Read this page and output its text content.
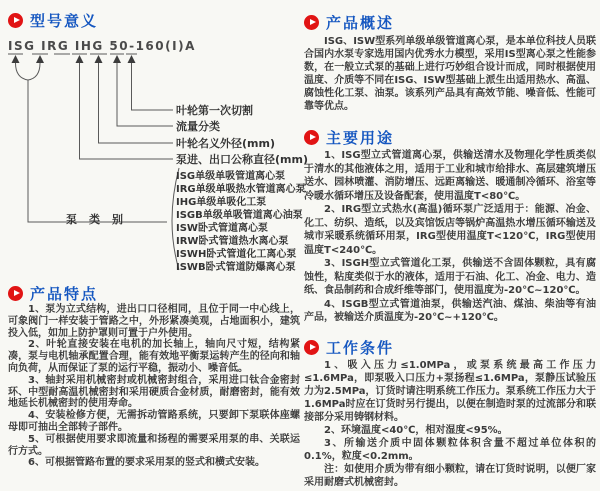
型号意义
ISG IRG IHG 50-160(Ⅰ)A
叶轮第一次切割
流量分类
叶轮名义外径(mm)
泵进、出口公称直径(mm)
泵类别
ISG单级单吸管道离心泵
IRG单级单吸热水管道离心泵
IHG单级单吸化工泵
ISGB单级单吸管道离心油泵
ISW卧式管道离心泵
IRW卧式管道热水离心泵
ISWH卧式管道化工离心泵
ISWB卧式管道防爆离心泵
产品特点

1、泵为立式结构，进出口口径相同，且位于同一中心线上，可象阀门一样安装于管路之中，外形紧凑美观，占地面积小，建筑投入低，如加上防护罩则可置于户外使用。

2、叶轮直接安装在电机的加长轴上，轴向尺寸短，结构紧凑，泵与电机轴承配置合理，能有效地平衡泵运转产生的径向和轴向负荷，从而保证了泵的运行平稳，振动小、噪音低。

3、轴封采用机械密封或机械密封组合，采用进口钛合金密封环、中型耐高温机械密封和采用硬质合金材质，耐磨密封，能有效地延长机械密封的使用寿命。

4、安装检修方便，无需拆动管路系统，只要卸下泵联体座螺母即可抽出全部转子部件。

5、可根据使用要求即流量和扬程的需要采用泵的串、关联运行方式。

6、可根据管路布置的要求采用泵的竖式和横式安装。

产品概述

ISG、ISW型系列单级单级管道离心泵，是本单位科技人员联合国内水泵专家选用国内优秀水力模型，采用IS型离心泵之性能参数，在一般立式泵的基础上进行巧妙组合设计而成，同时根据使用温度、介质等不同在ISG、ISW型基础上派生出适用热水、高温、腐蚀性化工泵、油泵。该系列产品具有高效节能、噪音低、性能可靠等优点。

主要用途

1、ISG型立式管道离心泵，供输送清水及物理化学性质类似于清水的其他液体之用，适用于工业和城市给排水、高层建筑增压送水、园林喷灌、消防增压、远距离输送、暖通制冷循环、浴室等冷暖水循环增压及设备配套，使用温度T<80℃。

2、IRG型立式热水(高温)循环泵广泛适用于：能源、冶金、化工、纺织、造纸，以及宾馆饭店等锅炉高温热水增压循环输送及城市采暖系统循环用泵，IRG型使用温度T<120℃，IRG型使用温度T<240℃。

3、ISGH型立式管道化工泵，供输送不含固体颗粒，具有腐蚀性，粘度类似于水的液体，适用于石油、化工、冶金、电力、造纸、食品制药和合成纤维等部门，使用温度为-20℃~120℃。

4、ISGB型立式管道油泵，供输送汽油、煤油、柴油等有油产品，被输送介质温度为-20℃~+120℃。

工作条件

1、吸入压力≤1.0MPa，或泵系统最高工作压力≤1.6MPa，即泵吸入口压力+泵扬程≤1.6MPa，泵静压试验压力为2.5MPa，订货时请注明系统工作压力。泵系统工作压力大于1.6MPa时应在订货时另行提出，以便在制造时泵的过流部分和联接部分采用铸钢材料。

2、环境温度<40℃，相对湿度<95%。

3、所输送介质中固体颗粒体积含量不超过单位体积的0.1%，粒度<0.2mm。

注：如使用介质为带有细小颗粒，请在订货时说明，以便厂家采用耐磨式机械密封。
